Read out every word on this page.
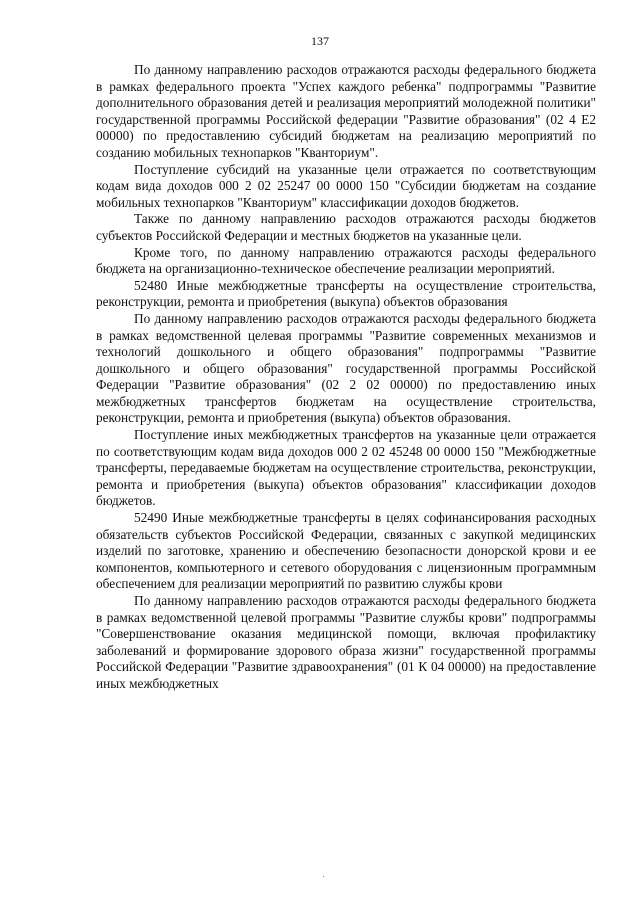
137

По данному направлению расходов отражаются расходы федерального бюджета в рамках федерального проекта "Успех каждого ребенка" подпрограммы "Развитие дополнительного образования детей и реализация мероприятий молодежной политики" государственной программы Российской федерации "Развитие образования" (02 4 Е2 00000) по предоставлению субсидий бюджетам на реализацию мероприятий по созданию мобильных технопарков "Кванториум".

Поступление субсидий на указанные цели отражается по соответствующим кодам вида доходов 000 2 02 25247 00 0000 150 "Субсидии бюджетам на создание мобильных технопарков "Кванториум" классификации доходов бюджетов.

Также по данному направлению расходов отражаются расходы бюджетов субъектов Российской Федерации и местных бюджетов на указанные цели.

Кроме того, по данному направлению отражаются расходы федерального бюджета на организационно-техническое обеспечение реализации мероприятий.

52480 Иные межбюджетные трансферты на осуществление строительства, реконструкции, ремонта и приобретения (выкупа) объектов образования

По данному направлению расходов отражаются расходы федерального бюджета в рамках ведомственной целевая программы "Развитие современных механизмов и технологий дошкольного и общего образования" подпрограммы "Развитие дошкольного и общего образования" государственной программы Российской Федерации "Развитие образования" (02 2 02 00000) по предоставлению иных межбюджетных трансфертов бюджетам на осуществление строительства, реконструкции, ремонта и приобретения (выкупа) объектов образования.

Поступление иных межбюджетных трансфертов на указанные цели отражается по соответствующим кодам вида доходов 000 2 02 45248 00 0000 150 "Межбюджетные трансферты, передаваемые бюджетам на осуществление строительства, реконструкции, ремонта и приобретения (выкупа) объектов образования" классификации доходов бюджетов.

52490 Иные межбюджетные трансферты в целях софинансирования расходных обязательств субъектов Российской Федерации, связанных с закупкой медицинских изделий по заготовке, хранению и обеспечению безопасности донорской крови и ее компонентов, компьютерного и сетевого оборудования с лицензионным программным обеспечением для реализации мероприятий по развитию службы крови

По данному направлению расходов отражаются расходы федерального бюджета в рамках ведомственной целевой программы "Развитие службы крови" подпрограммы "Совершенствование оказания медицинской помощи, включая профилактику заболеваний и формирование здорового образа жизни" государственной программы Российской Федерации "Развитие здравоохранения" (01 К 04 00000) на предоставление иных межбюджетных

·
